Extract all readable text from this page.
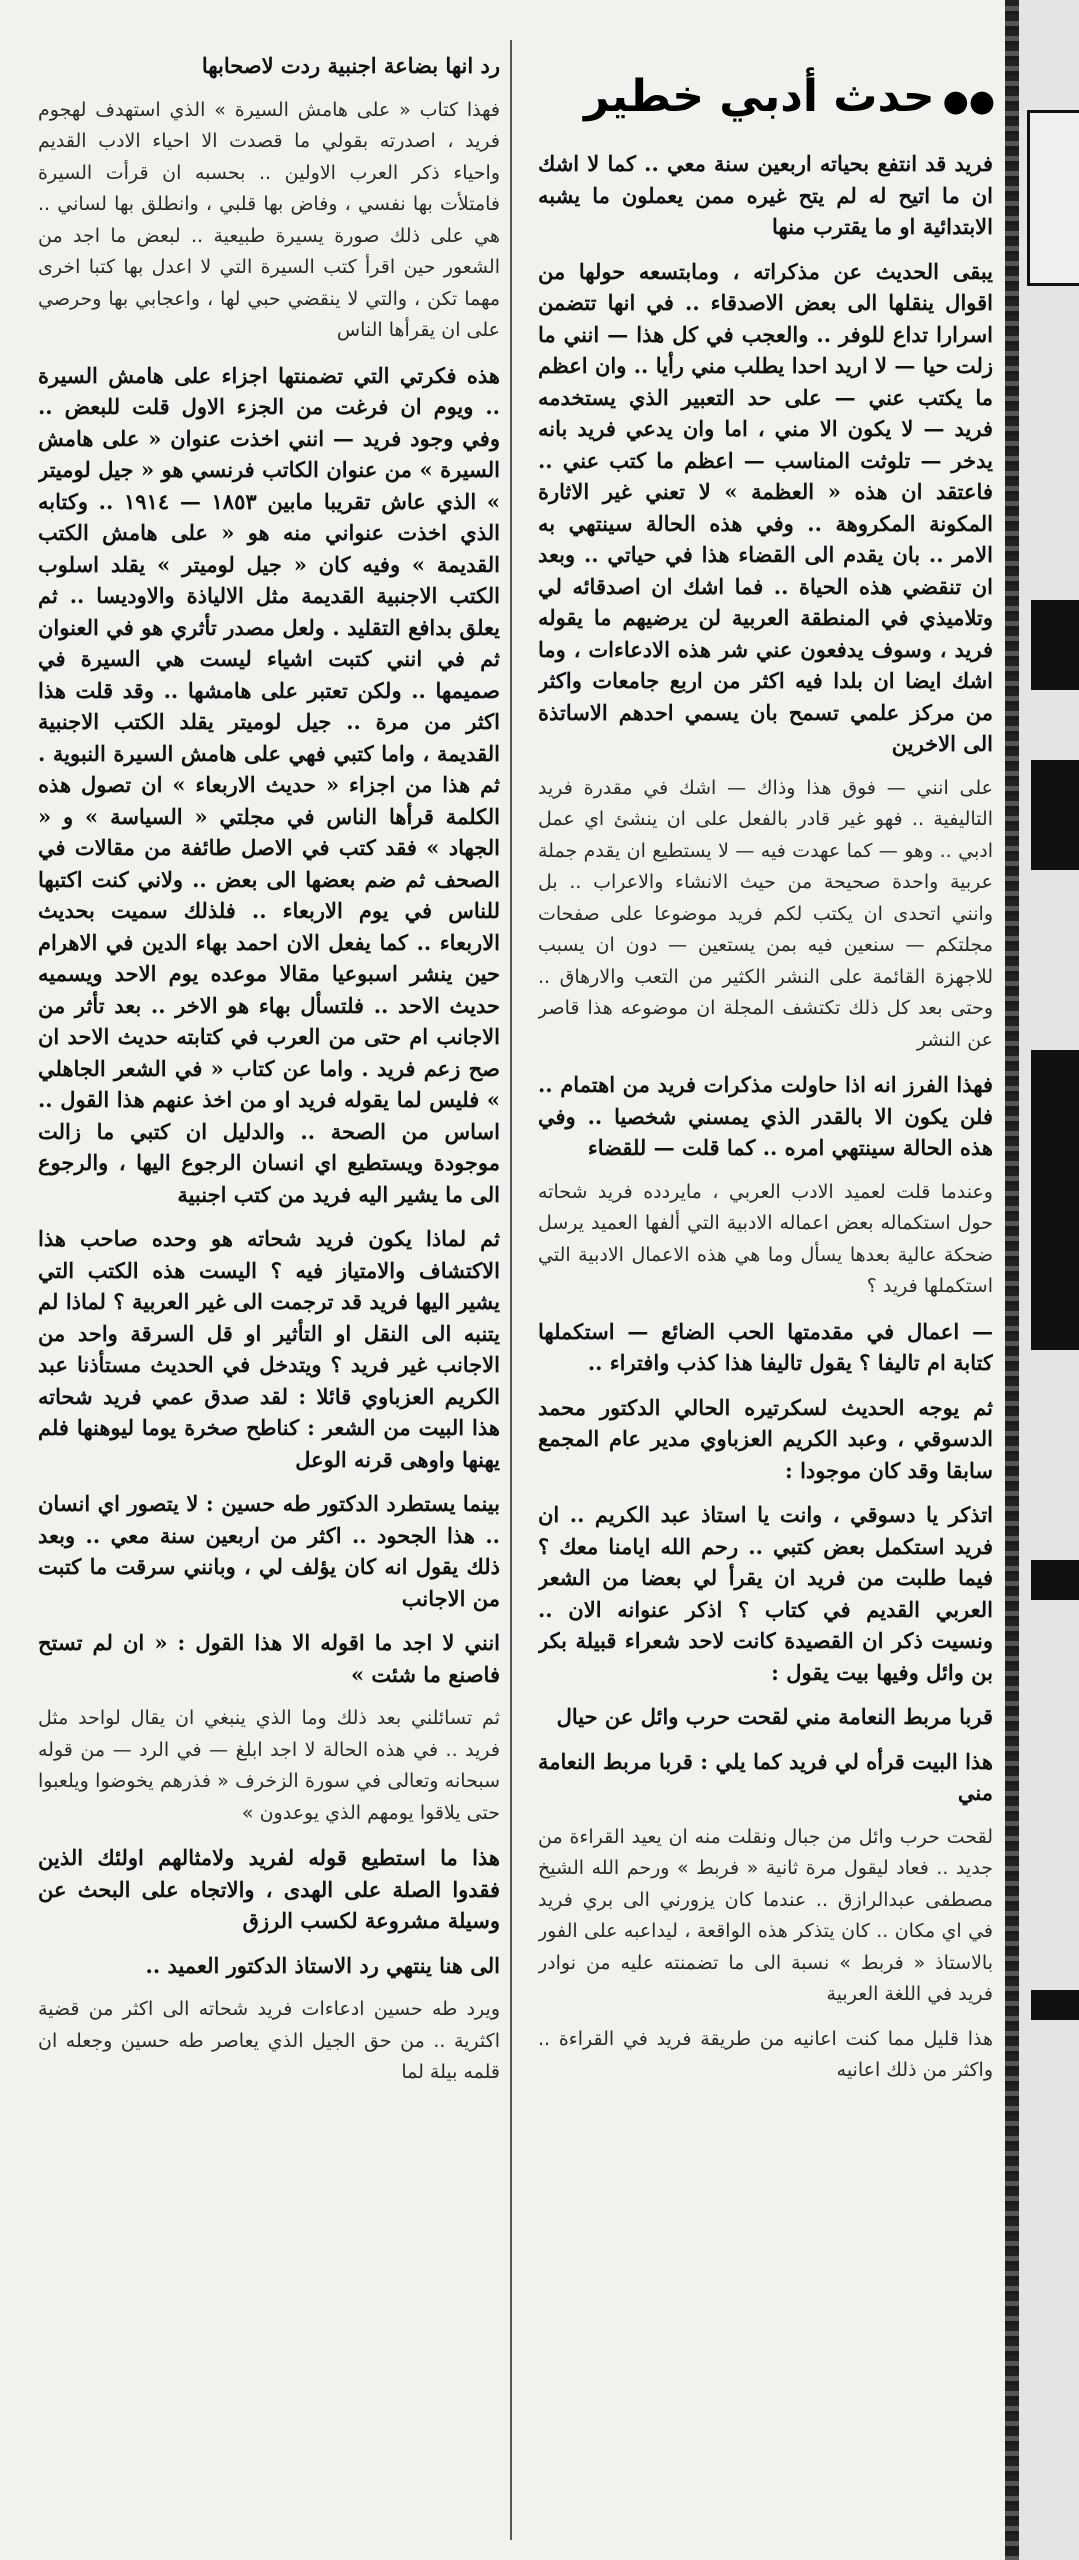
●●حدث أدبي خطير

فريد قد انتفع بحياته اربعين سنة معي .. كما لا اشك ان ما اتيح له لم يتح غيره ممن يعملون ما يشبه الابتدائية او ما يقترب منها

يبقى الحديث عن مذكراته ، ومابتسعه حولها من اقوال ينقلها الى بعض الاصدقاء .. في انها تتضمن اسرارا تداع للوفر .. والعجب في كل هذا — انني ما زلت حيا — لا اريد احدا يطلب مني رأيا .. وان اعظم ما يكتب عني — على حد التعبير الذي يستخدمه فريد — لا يكون الا مني ، اما وان يدعي فريد بانه يدخر — تلوثت المناسب — اعظم ما كتب عني .. فاعتقد ان هذه « العظمة » لا تعني غير الاثارة المكونة المكروهة .. وفي هذه الحالة سينتهي به الامر .. بان يقدم الى القضاء هذا في حياتي .. وبعد ان تنقضي هذه الحياة .. فما اشك ان اصدقائه لي وتلاميذي في المنطقة العربية لن يرضيهم ما يقوله فريد ، وسوف يدفعون عني شر هذه الادعاءات ، وما اشك ايضا ان بلدا فيه اكثر من اربع جامعات واكثر من مركز علمي تسمح بان يسمي احدهم الاساتذة الى الاخرين

على انني — فوق هذا وذاك — اشك في مقدرة فريد التاليفية .. فهو غير قادر بالفعل على ان ينشئ اي عمل ادبي .. وهو — كما عهدت فيه — لا يستطيع ان يقدم جملة عربية واحدة صحيحة من حيث الانشاء والاعراب .. بل وانني اتحدى ان يكتب لكم فريد موضوعا على صفحات مجلتكم — سنعين فيه بمن يستعين — دون ان يسبب للاجهزة القائمة على النشر الكثير من التعب والارهاق .. وحتى بعد كل ذلك تكتشف المجلة ان موضوعه هذا قاصر عن النشر

فهذا الفرز انه اذا حاولت مذكرات فريد من اهتمام .. فلن يكون الا بالقدر الذي يمسني شخصيا .. وفي هذه الحالة سينتهي امره .. كما قلت — للقضاء

وعندما قلت لعميد الادب العربي ، مايردده فريد شحاته حول استكماله بعض اعماله الادبية التي ألفها العميد يرسل ضحكة عالية بعدها يسأل وما هي هذه الاعمال الادبية التي استكملها فريد ؟

— اعمال في مقدمتها الحب الضائع — استكملها كتابة ام تاليفا ؟ يقول تاليفا هذا كذب وافتراء ..

ثم يوجه الحديث لسكرتيره الحالي الدكتور محمد الدسوقي ، وعبد الكريم العزباوي مدير عام المجمع سابقا وقد كان موجودا :

اتذكر يا دسوقي ، وانت يا استاذ عبد الكريم .. ان فريد استكمل بعض كتبي .. رحم الله ايامنا معك ؟ فيما طلبت من فريد ان يقرأ لي بعضا من الشعر العربي القديم في كتاب ؟ اذكر عنوانه الان .. ونسيت ذكر ان القصيدة كانت لاحد شعراء قبيلة بكر بن وائل وفيها بيت يقول :

قربا مربط النعامة مني لقحت حرب وائل عن حيال

هذا البيت قرأه لي فريد كما يلي : قربا مربط النعامة مني

لقحت حرب وائل من جبال ونقلت منه ان يعيد القراءة من جديد .. فعاد ليقول مرة ثانية « فربط » ورحم الله الشيخ مصطفى عبدالرازق .. عندما كان يزورني الى بري فريد في اي مكان .. كان يتذكر هذه الواقعة ، ليداعبه على الفور بالاستاذ « فربط » نسبة الى ما تضمنته عليه من نوادر فريد في اللغة العربية

هذا قليل مما كنت اعانيه من طريقة فريد في القراءة .. واكثر من ذلك اعانيه

رد انها بضاعة اجنبية ردت لاصحابها

فهذا كتاب « على هامش السيرة » الذي استهدف لهجوم فريد ، اصدرته بقولي ما قصدت الا احياء الادب القديم واحياء ذكر العرب الاولين .. بحسبه ان قرأت السيرة فامتلأت بها نفسي ، وفاض بها قلبي ، وانطلق بها لساني .. هي على ذلك صورة يسيرة طبيعية .. لبعض ما اجد من الشعور حين اقرأ كتب السيرة التي لا اعدل بها كتبا اخرى مهما تكن ، والتي لا ينقضي حبي لها ، واعجابي بها وحرصي على ان يقرأها الناس

هذه فكرتي التي تضمنتها اجزاء على هامش السيرة .. ويوم ان فرغت من الجزء الاول قلت للبعض .. وفي وجود فريد — انني اخذت عنوان « على هامش السيرة » من عنوان الكاتب فرنسي هو « جيل لوميتر » الذي عاش تقريبا مابين ١٨٥٣ — ١٩١٤ .. وكتابه الذي اخذت عنواني منه هو « على هامش الكتب القديمة » وفيه كان « جيل لوميتر » يقلد اسلوب الكتب الاجنبية القديمة مثل الالياذة والاوديسا .. ثم يعلق بدافع التقليد . ولعل مصدر تأثري هو في العنوان ثم في انني كتبت اشياء ليست هي السيرة في صميمها .. ولكن تعتبر على هامشها .. وقد قلت هذا اكثر من مرة .. جيل لوميتر يقلد الكتب الاجنبية القديمة ، واما كتبي فهي على هامش السيرة النبوية . ثم هذا من اجزاء « حديث الاربعاء » ان تصول هذه الكلمة قرأها الناس في مجلتي « السياسة » و « الجهاد » فقد كتب في الاصل طائفة من مقالات في الصحف ثم ضم بعضها الى بعض .. ولاني كنت اكتبها للناس في يوم الاربعاء .. فلذلك سميت بحديث الاربعاء .. كما يفعل الان احمد بهاء الدين في الاهرام حين ينشر اسبوعيا مقالا موعده يوم الاحد ويسميه حديث الاحد .. فلتسأل بهاء هو الاخر .. بعد تأثر من الاجانب ام حتى من العرب في كتابته حديث الاحد ان صح زعم فريد . واما عن كتاب « في الشعر الجاهلي » فليس لما يقوله فريد او من اخذ عنهم هذا القول .. اساس من الصحة .. والدليل ان كتبي ما زالت موجودة ويستطيع اي انسان الرجوع اليها ، والرجوع الى ما يشير اليه فريد من كتب اجنبية

ثم لماذا يكون فريد شحاته هو وحده صاحب هذا الاكتشاف والامتياز فيه ؟ اليست هذه الكتب التي يشير اليها فريد قد ترجمت الى غير العربية ؟ لماذا لم يتنبه الى النقل او التأثير او قل السرقة واحد من الاجانب غير فريد ؟ ويتدخل في الحديث مستأذنا عبد الكريم العزباوي قائلا : لقد صدق عمي فريد شحاته هذا البيت من الشعر : كناطح صخرة يوما ليوهنها فلم يهنها واوهى قرنه الوعل

بينما يستطرد الدكتور طه حسين : لا يتصور اي انسان .. هذا الجحود .. اكثر من اربعين سنة معي .. وبعد ذلك يقول انه كان يؤلف لي ، وبانني سرقت ما كتبت من الاجانب

انني لا اجد ما اقوله الا هذا القول : « ان لم تستح فاصنع ما شئت »

ثم تسائلني بعد ذلك وما الذي ينبغي ان يقال لواحد مثل فريد .. في هذه الحالة لا اجد ابلغ — في الرد — من قوله سبحانه وتعالى في سورة الزخرف « فذرهم يخوضوا ويلعبوا حتى يلاقوا يومهم الذي يوعدون »

هذا ما استطيع قوله لفريد ولامثالهم اولئك الذين فقدوا الصلة على الهدى ، والاتجاه على البحث عن وسيلة مشروعة لكسب الرزق

الى هنا ينتهي رد الاستاذ الدكتور العميد ..

ويرد طه حسين ادعاءات فريد شحاته الى اكثر من قضية اكثرية .. من حق الجيل الذي يعاصر طه حسين وجعله ان قلمه بيلة لما
